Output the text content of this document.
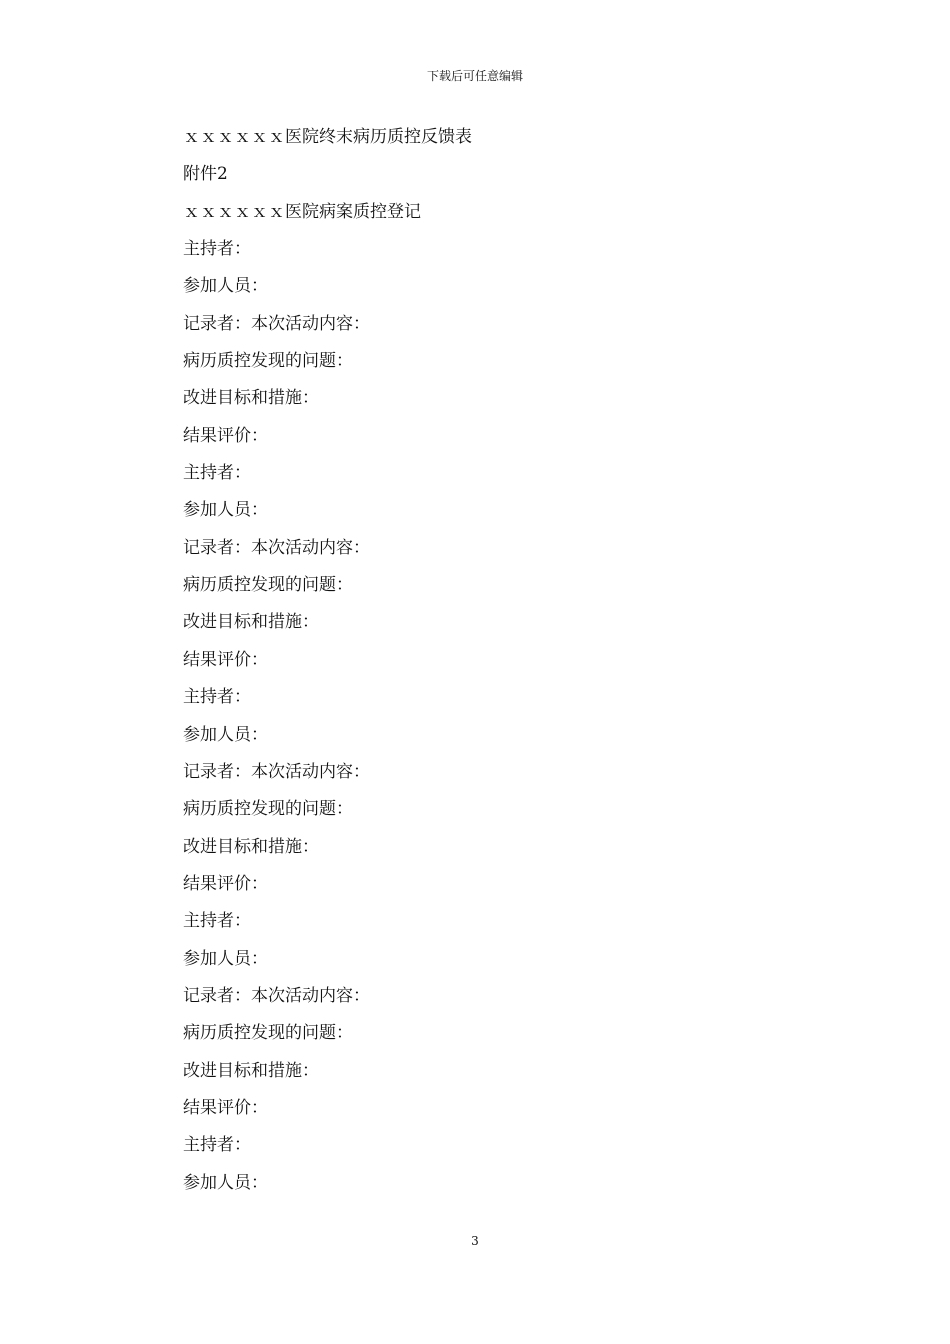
下载后可任意编辑
ｘｘｘｘｘｘ医院终末病历质控反馈表
附件2
ｘｘｘｘｘｘ医院病案质控登记
主持者：
参加人员：
记录者：本次活动内容：
病历质控发现的问题：
改进目标和措施：
结果评价：
主持者：
参加人员：
记录者：本次活动内容：
病历质控发现的问题：
改进目标和措施：
结果评价：
主持者：
参加人员：
记录者：本次活动内容：
病历质控发现的问题：
改进目标和措施：
结果评价：
主持者：
参加人员：
记录者：本次活动内容：
病历质控发现的问题：
改进目标和措施：
结果评价：
主持者：
参加人员：
3
